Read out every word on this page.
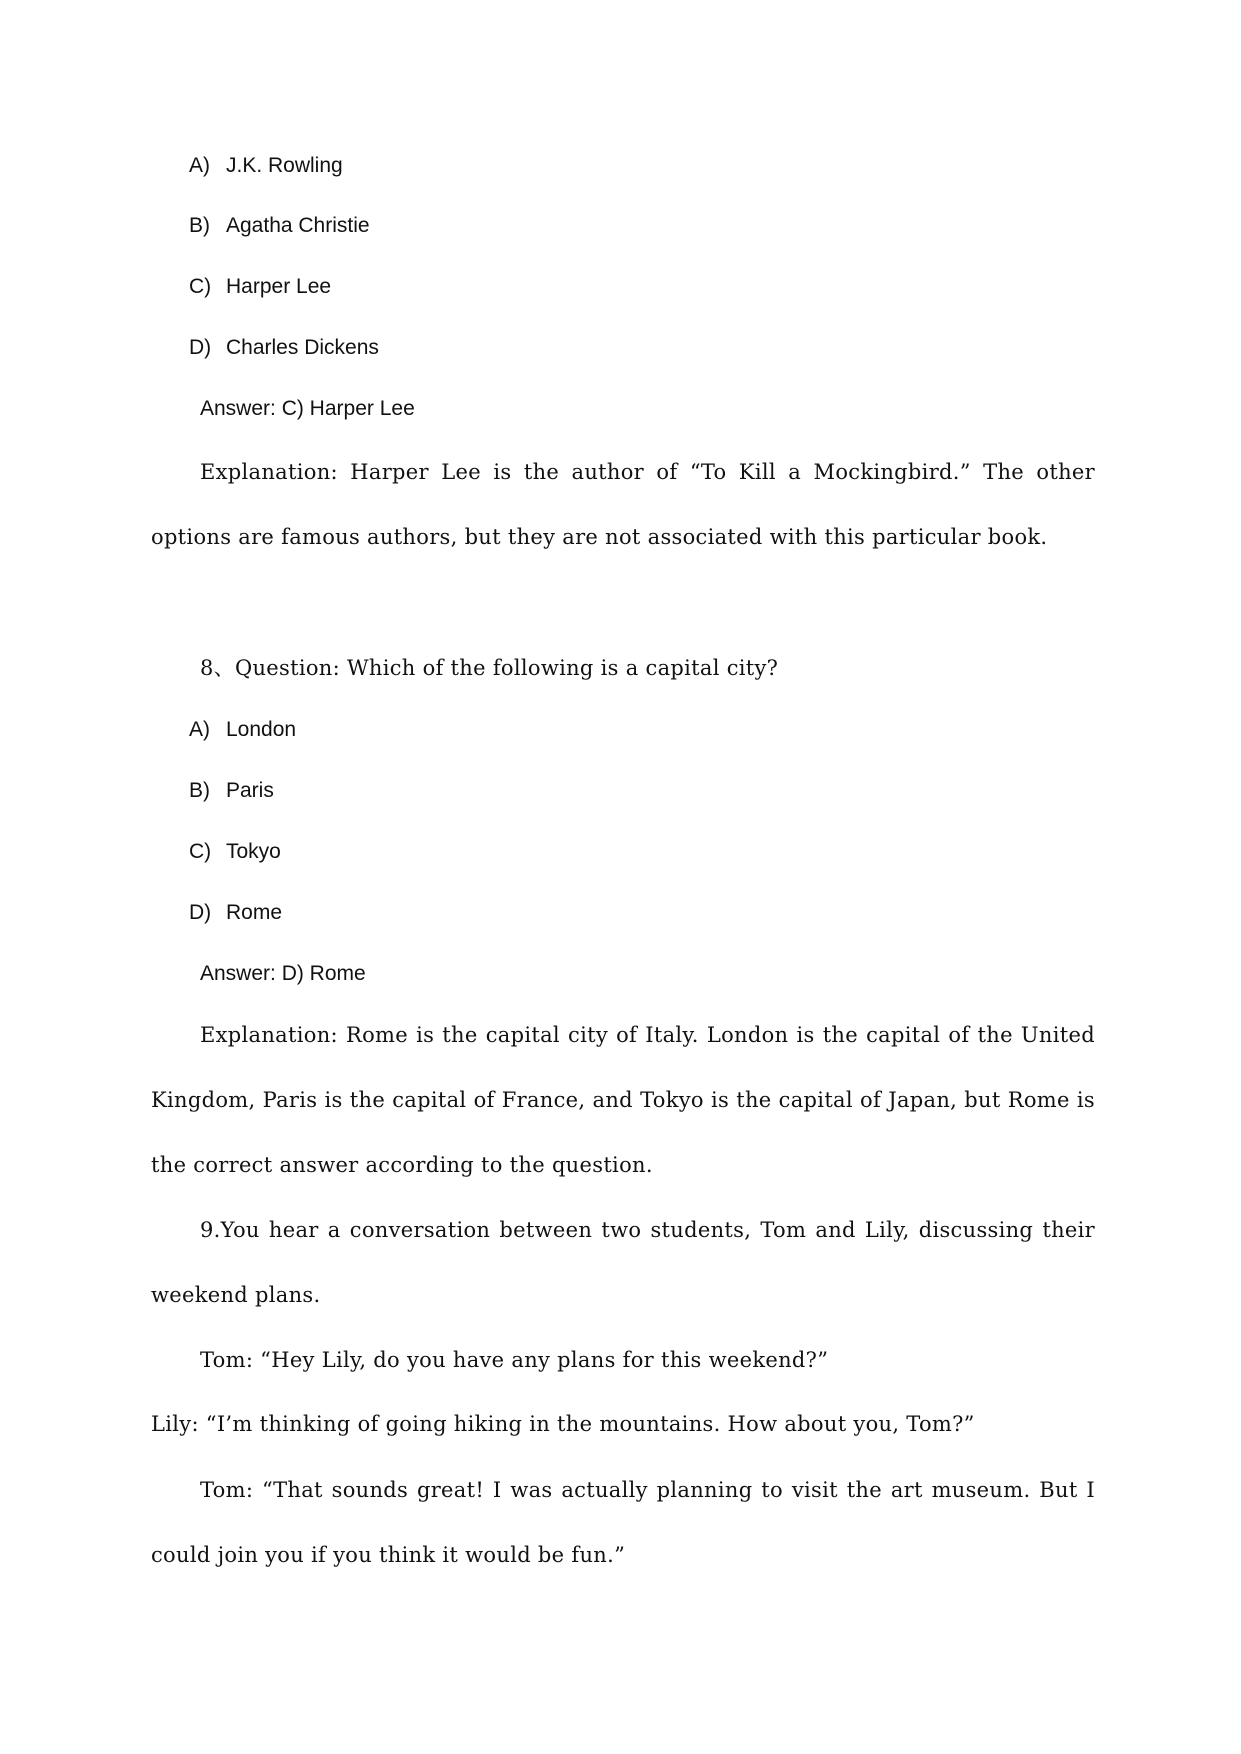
A) J.K. Rowling
B) Agatha Christie
C) Harper Lee
D) Charles Dickens
Answer: C) Harper Lee

Explanation: Harper Lee is the author of “To Kill a Mockingbird.” The other options are famous authors, but they are not associated with this particular book.

8、Question: Which of the following is a capital city?
A) London
B) Paris
C) Tokyo
D) Rome
Answer: D) Rome

Explanation: Rome is the capital city of Italy. London is the capital of the United Kingdom, Paris is the capital of France, and Tokyo is the capital of Japan, but Rome is the correct answer according to the question.

9.You hear a conversation between two students, Tom and Lily, discussing their weekend plans.

Tom: “Hey Lily, do you have any plans for this weekend?”
Lily: “I’m thinking of going hiking in the mountains. How about you, Tom?”

Tom: “That sounds great! I was actually planning to visit the art museum. But I could join you if you think it would be fun.”
